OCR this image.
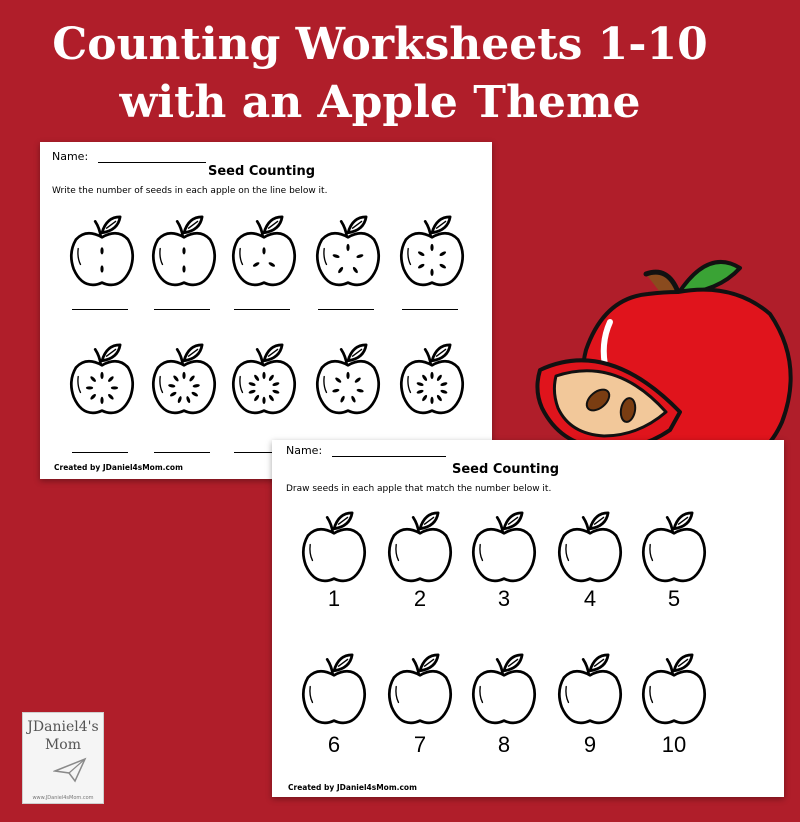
Counting Worksheets 1-10
with an Apple Theme
Name:
Seed Counting
Write the number of seeds in each apple on the line below it.
Created by JDaniel4sMom.com
Name:
Seed Counting
Draw seeds in each apple that match the number below it.
1	2	3	4	5
6	7	8	9	10
Created by JDaniel4sMom.com
JDaniel4's
Mom
www.JDaniel4sMom.com
